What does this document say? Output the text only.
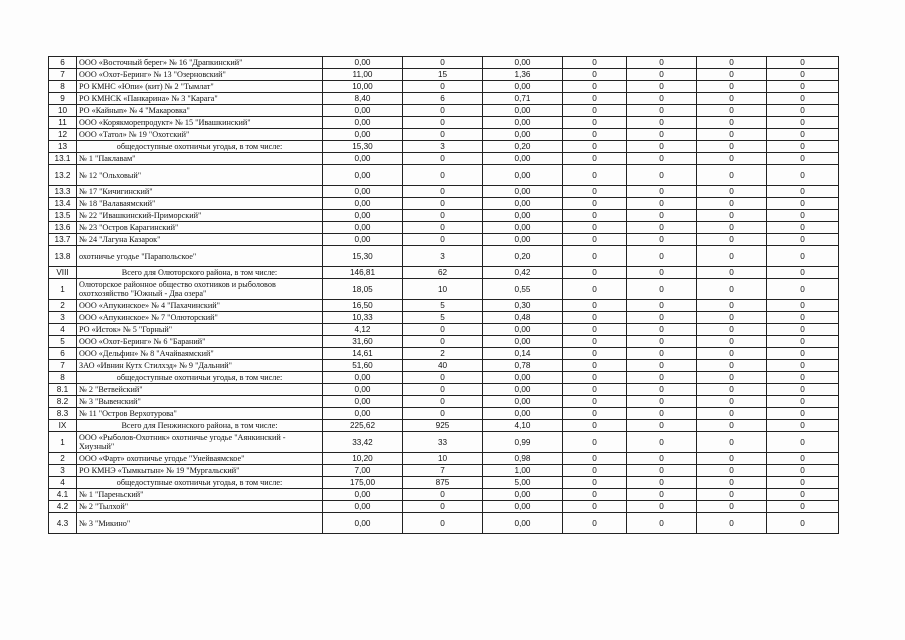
6	ООО «Восточный берег» № 16 "Драпкинский"	0,00	0	0,00	0	0	0	0
7	ООО «Охот-Беринг» № 13 "Озерновский"	11,00	15	1,36	0	0	0	0
8	РО КМНС «Юпи» (кит) № 2 "Тымлат"	10,00	0	0,00	0	0	0	0
9	РО КМНСК «Панкарина» № 3 "Карага"	8,40	6	0,71	0	0	0	0
10	РО «Кайныn» № 4 "Макаровка"	0,00	0	0,00	0	0	0	0
11	ООО «Корякморепродукт» № 15 "Ивашкинский"	0,00	0	0,00	0	0	0	0
12	ООО «Татол» № 19 "Охотский"	0,00	0	0,00	0	0	0	0
13	общедоступные охотничьи угодья, в том числе:	15,30	3	0,20	0	0	0	0
13.1	№ 1 "Паклавам"	0,00	0	0,00	0	0	0	0
13.2	№ 12 "Ольховый"	0,00	0	0,00	0	0	0	0
13.3	№ 17 "Кичигинский"	0,00	0	0,00	0	0	0	0
13.4	№ 18 "Валаваямский"	0,00	0	0,00	0	0	0	0
13.5	№ 22 "Ивашкинский-Приморский"	0,00	0	0,00	0	0	0	0
13.6	№ 23 "Остров Карагинский"	0,00	0	0,00	0	0	0	0
13.7	№ 24 "Лагуна Казарок"	0,00	0	0,00	0	0	0	0
13.8	охотничье угодье "Парапольское"	15,30	3	0,20	0	0	0	0
VIII	Всего для Олюторского района, в том числе:	146,81	62	0,42	0	0	0	0
1	Олюторское районное общество охотников и рыболовов охотхозяйство "Южный - Два озера"	18,05	10	0,55	0	0	0	0
2	ООО «Апукинское» № 4 "Пахачинский"	16,50	5	0,30	0	0	0	0
3	ООО «Апукинское» № 7 "Олюторский"	10,33	5	0,48	0	0	0	0
4	РО «Исток» № 5 "Горный"	4,12	0	0,00	0	0	0	0
5	ООО «Охот-Беринг» № 6 "Бараний"	31,60	0	0,00	0	0	0	0
6	ООО «Дельфин» № 8 "Ачайваямский"	14,61	2	0,14	0	0	0	0
7	ЗАО «Ивнин Кутх Стилхэд» № 9 "Дальний"	51,60	40	0,78	0	0	0	0
8	общедоступные охотничьи угодья, в том числе:	0,00	0	0,00	0	0	0	0
8.1	№ 2 "Ветвейский"	0,00	0	0,00	0	0	0	0
8.2	№ 3 "Вывенский"	0,00	0	0,00	0	0	0	0
8.3	№ 11 "Остров Верхотурова"	0,00	0	0,00	0	0	0	0
IX	Всего для Пенжинского района, в том числе:	225,62	925	4,10	0	0	0	0
1	ООО «Рыболов-Охотник» охотничье угодье "Аянкинский - Хиузный"	33,42	33	0,99	0	0	0	0
2	ООО «Фарт» охотничье угодье "Унейваямское"	10,20	10	0,98	0	0	0	0
3	РО КМНЭ «Тымкытын» № 19 "Мургальский"	7,00	7	1,00	0	0	0	0
4	общедоступные охотничьи угодья, в том числе:	175,00	875	5,00	0	0	0	0
4.1	№ 1 "Пареньский"	0,00	0	0,00	0	0	0	0
4.2	№ 2 "Тылхой"	0,00	0	0,00	0	0	0	0
4.3	№ 3 "Микино"	0,00	0	0,00	0	0	0	0
